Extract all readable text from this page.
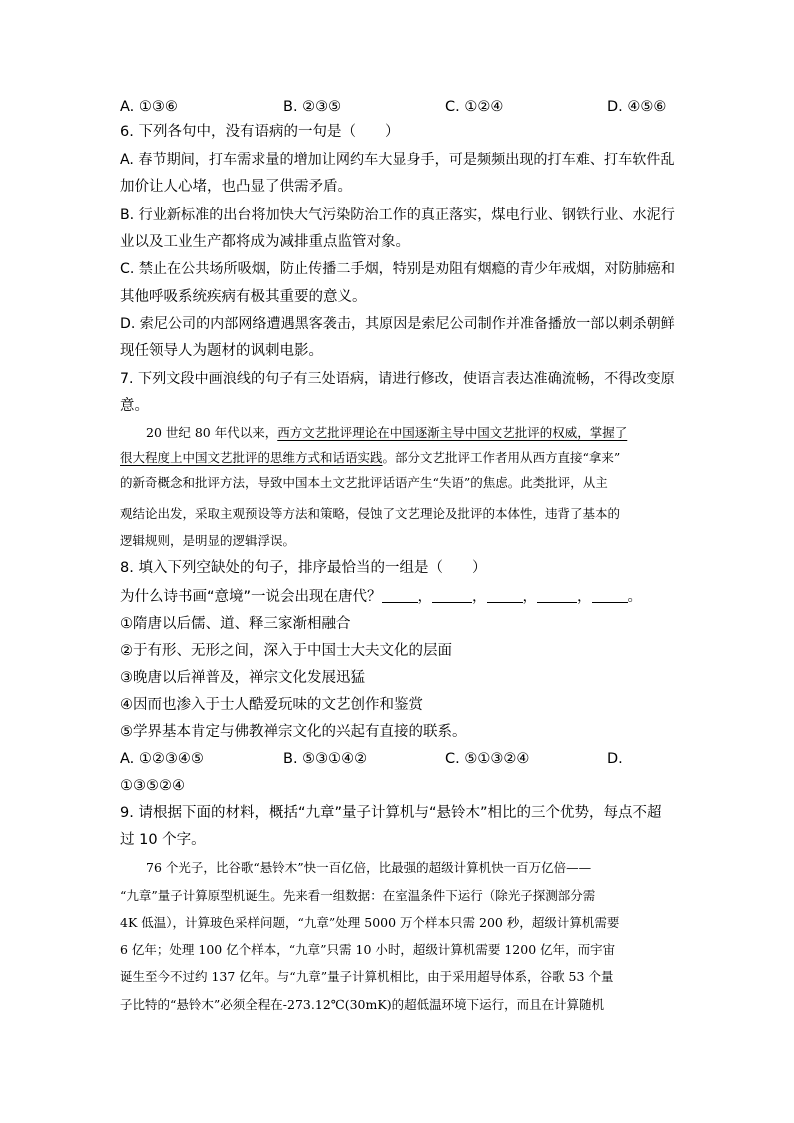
A. ①③⑥	B. ②③⑤	C. ①②④	D. ④⑤⑥
6. 下列各句中，没有语病的一句是（　　）
A. 春节期间，打车需求量的增加让网约车大显身手，可是频频出现的打车难、打车软件乱
加价让人心堵，也凸显了供需矛盾。
B. 行业新标准的出台将加快大气污染防治工作的真正落实，煤电行业、钢铁行业、水泥行
业以及工业生产都将成为减排重点监管对象。
C. 禁止在公共场所吸烟，防止传播二手烟，特别是劝阻有烟瘾的青少年戒烟，对防肺癌和
其他呼吸系统疾病有极其重要的意义。
D. 索尼公司的内部网络遭遇黑客袭击，其原因是索尼公司制作并准备播放一部以刺杀朝鲜
现任领导人为题材的讽刺电影。
7. 下列文段中画浪线的句子有三处语病，请进行修改，使语言表达准确流畅，不得改变原
意。
20 世纪 80 年代以来，西方文艺批评理论在中国逐渐主导中国文艺批评的权威，掌握了
很大程度上中国文艺批评的思维方式和话语实践。部分文艺批评工作者用从西方直接“拿来”
的新奇概念和批评方法，导致中国本土文艺批评话语产生“失语”的焦虑。此类批评，从主
观结论出发，采取主观预设等方法和策略，侵蚀了文艺理论及批评的本体性，违背了基本的
逻辑规则，是明显的逻辑浮误。
8. 填入下列空缺处的句子，排序最恰当的一组是（　　）
为什么诗书画“意境”一说会出现在唐代？ ，	， ，	， 。
①隋唐以后儒、道、释三家渐相融合
②于有形、无形之间，深入于中国士大夫文化的层面
③晚唐以后禅普及，禅宗文化发展迅猛
④因而也渗入于士人酷爱玩味的文艺创作和鉴赏
⑤学界基本肯定与佛教禅宗文化的兴起有直接的联系。
A. ①②③④⑤	B. ⑤③①④②	C. ⑤①③②④	D.
①③⑤②④
9. 请根据下面的材料，概括“九章”量子计算机与“悬铃木”相比的三个优势，每点不超
过 10 个字。
76 个光子，比谷歌“悬铃木”快一百亿倍，比最强的超级计算机快一百万亿倍——
“九章”量子计算原型机诞生。先来看一组数据：在室温条件下运行（除光子探测部分需
4K 低温），计算玻色采样问题，“九章”处理 5000 万个样本只需 200 秒，超级计算机需要
6 亿年；处理 100 亿个样本，“九章”只需 10 小时，超级计算机需要 1200 亿年，而宇宙
诞生至今不过约 137 亿年。与“九章”量子计算机相比，由于采用超导体系，谷歌 53 个量
子比特的“悬铃木”必须全程在-273.12℃(30mK)的超低温环境下运行，而且在计算随机
